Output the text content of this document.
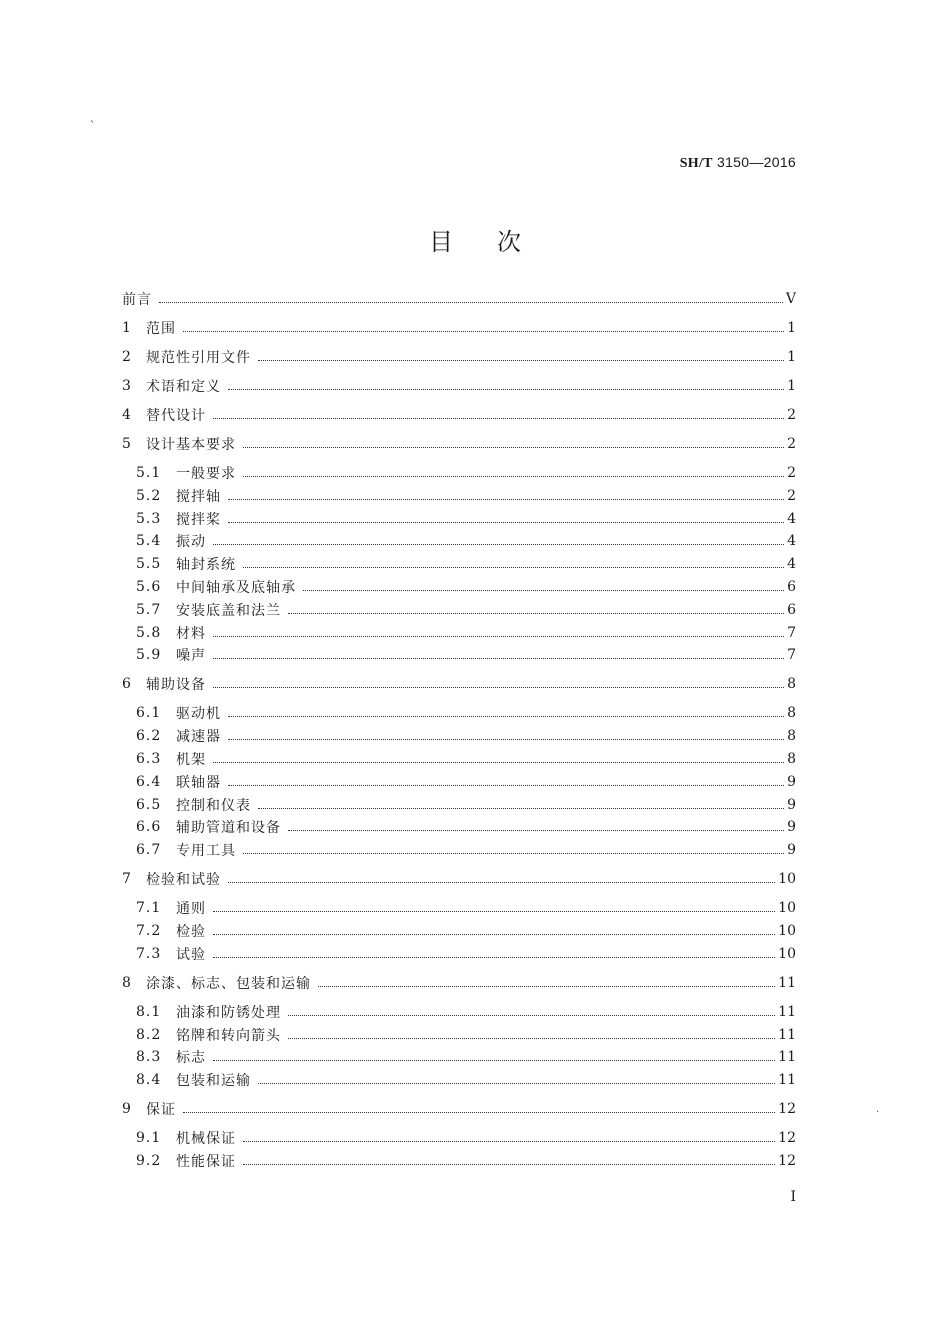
、
.
SH/T 3150—2016
目次
前言	V
1	范围	1
2	规范性引用文件	1
3	术语和定义	1
4	替代设计	2
5	设计基本要求	2
5.1	一般要求	2
5.2	搅拌轴	2
5.3	搅拌桨	4
5.4	振动	4
5.5	轴封系统	4
5.6	中间轴承及底轴承	6
5.7	安装底盖和法兰	6
5.8	材料	7
5.9	噪声	7
6	辅助设备	8
6.1	驱动机	8
6.2	减速器	8
6.3	机架	8
6.4	联轴器	9
6.5	控制和仪表	9
6.6	辅助管道和设备	9
6.7	专用工具	9
7	检验和试验	10
7.1	通则	10
7.2	检验	10
7.3	试验	10
8	涂漆、标志、包装和运输	11
8.1	油漆和防锈处理	11
8.2	铭牌和转向箭头	11
8.3	标志	11
8.4	包装和运输	11
9	保证	12
9.1	机械保证	12
9.2	性能保证	12
I
